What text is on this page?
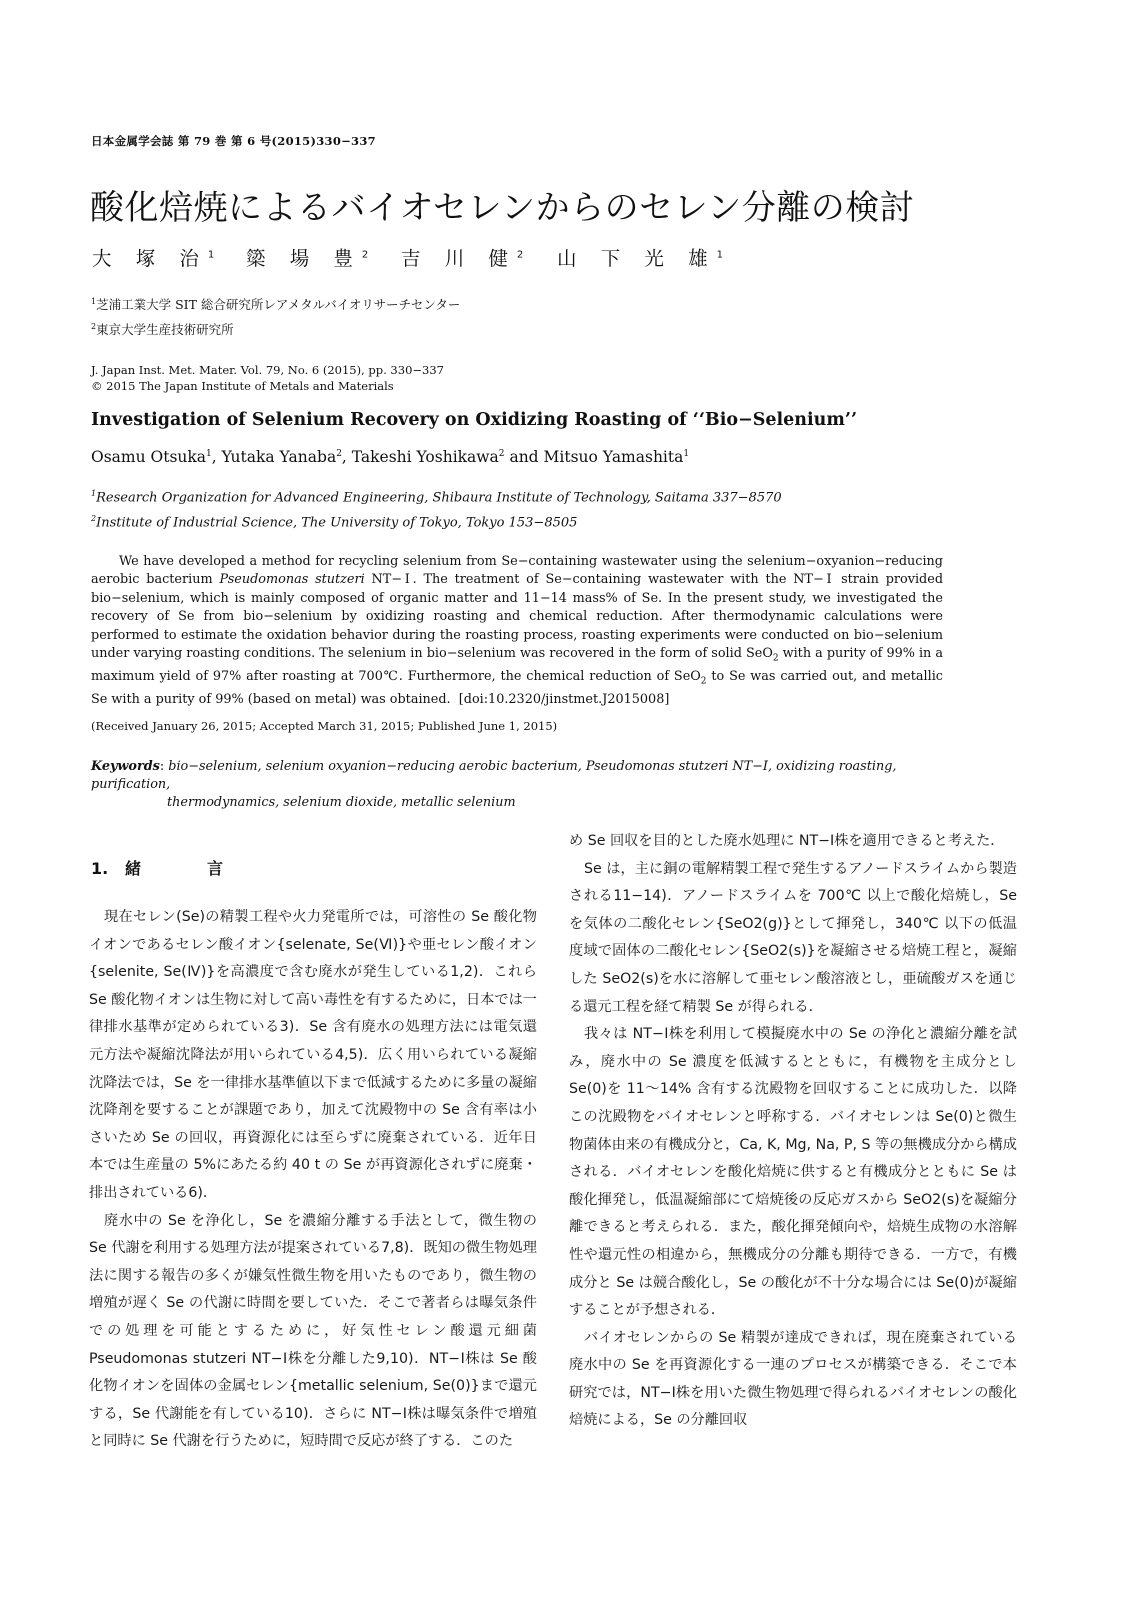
日本金属学会誌 第 79 巻 第 6 号(2015)330−337
酸化焙焼によるバイオセレンからのセレン分離の検討
大 塚 治$^1$ 簗 場 豊$^2$ 吉 川 健$^2$ 山 下 光 雄$^1$
$^1$芝浦工業大学 SIT 総合研究所レアメタルバイオリサーチセンター
$^2$東京大学生産技術研究所
J. Japan Inst. Met. Mater. Vol. 79, No. 6 (2015), pp. 330−337
© 2015 The Japan Institute of Metals and Materials
Investigation of Selenium Recovery on Oxidizing Roasting of ‘‘Bio−Selenium’’
Osamu Otsuka$^1$, Yutaka Yanaba$^2$, Takeshi Yoshikawa$^2$ and Mitsuo Yamashita$^1$
$^1$Research Organization for Advanced Engineering, Shibaura Institute of Technology, Saitama 337−8570
$^2$Institute of Industrial Science, The University of Tokyo, Tokyo 153−8505

We have developed a method for recycling selenium from Se−containing wastewater using the selenium−oxyanion−reducing aerobic bacterium Pseudomonas stutzeri NT−Ⅰ. The treatment of Se−containing wastewater with the NT−Ⅰ strain provided bio−selenium, which is mainly composed of organic matter and 11−14 mass% of Se. In the present study, we investigated the recovery of Se from bio−selenium by oxidizing roasting and chemical reduction. After thermodynamic calculations were performed to estimate the oxidation behavior during the roasting process, roasting experiments were conducted on bio−selenium under varying roasting conditions. The selenium in bio−selenium was recovered in the form of solid SeO$_2$ with a purity of 99% in a maximum yield of 97% after roasting at 700℃. Furthermore, the chemical reduction of SeO$_2$ to Se was carried out, and metallic Se with a purity of 99% (based on metal) was obtained. [doi:10.2320/jinstmet.J2015008]

(Received January 26, 2015; Accepted March 31, 2015; Published June 1, 2015)
Keywords: bio−selenium, selenium oxyanion−reducing aerobic bacterium, Pseudomonas stutzeri NT−I, oxidizing roasting, purification,
thermodynamics, selenium dioxide, metallic selenium
1. 緒	言

現在セレン(Se)の精製工程や火力発電所では，可溶性の Se 酸化物イオンであるセレン酸イオン{selenate, Se(Ⅵ)}や亜セレン酸イオン{selenite, Se(Ⅳ)}を高濃度で含む廃水が発生している1,2)．これら Se 酸化物イオンは生物に対して高い毒性を有するために，日本では一律排水基準が定められている3)．Se 含有廃水の処理方法には電気還元方法や凝縮沈降法が用いられている4,5)．広く用いられている凝縮沈降法では，Se を一律排水基準値以下まで低減するために多量の凝縮沈降剤を要することが課題であり，加えて沈殿物中の Se 含有率は小さいため Se の回収，再資源化には至らずに廃棄されている．近年日本では生産量の 5%にあたる約 40 t の Se が再資源化されずに廃棄・排出されている6)．

廃水中の Se を浄化し，Se を濃縮分離する手法として，微生物の Se 代謝を利用する処理方法が提案されている7,8)．既知の微生物処理法に関する報告の多くが嫌気性微生物を用いたものであり，微生物の増殖が遅く Se の代謝に時間を要していた．そこで著者らは曝気条件での処理を可能とするために，好気性セレン酸還元細菌 Pseudomonas stutzeri NT−Ⅰ株を分離した9,10)．NT−Ⅰ株は Se 酸化物イオンを固体の金属セレン{metallic selenium, Se(0)}まで還元する，Se 代謝能を有している10)．さらに NT−Ⅰ株は曝気条件で増殖と同時に Se 代謝を行うために，短時間で反応が終了する．このた

め Se 回収を目的とした廃水処理に NT−Ⅰ株を適用できると考えた．

Se は，主に銅の電解精製工程で発生するアノードスライムから製造される11−14)．アノードスライムを 700℃ 以上で酸化焙焼し，Se を気体の二酸化セレン{SeO2(g)}として揮発し，340℃ 以下の低温度域で固体の二酸化セレン{SeO2(s)}を凝縮させる焙焼工程と，凝縮した SeO2(s)を水に溶解して亜セレン酸溶液とし，亜硫酸ガスを通じる還元工程を経て精製 Se が得られる．

我々は NT−Ⅰ株を利用して模擬廃水中の Se の浄化と濃縮分離を試み，廃水中の Se 濃度を低減するとともに，有機物を主成分とし Se(0)を 11〜14% 含有する沈殿物を回収することに成功した．以降この沈殿物をバイオセレンと呼称する．バイオセレンは Se(0)と微生物菌体由来の有機成分と，Ca, K, Mg, Na, P, S 等の無機成分から構成される．バイオセレンを酸化焙焼に供すると有機成分とともに Se は酸化揮発し，低温凝縮部にて焙焼後の反応ガスから SeO2(s)を凝縮分離できると考えられる．また，酸化揮発傾向や，焙焼生成物の水溶解性や還元性の相違から，無機成分の分離も期待できる．一方で，有機成分と Se は競合酸化し，Se の酸化が不十分な場合には Se(0)が凝縮することが予想される．

バイオセレンからの Se 精製が達成できれば，現在廃棄されている廃水中の Se を再資源化する一連のプロセスが構築できる．そこで本研究では，NT−Ⅰ株を用いた微生物処理で得られるバイオセレンの酸化焙焼による，Se の分離回収
